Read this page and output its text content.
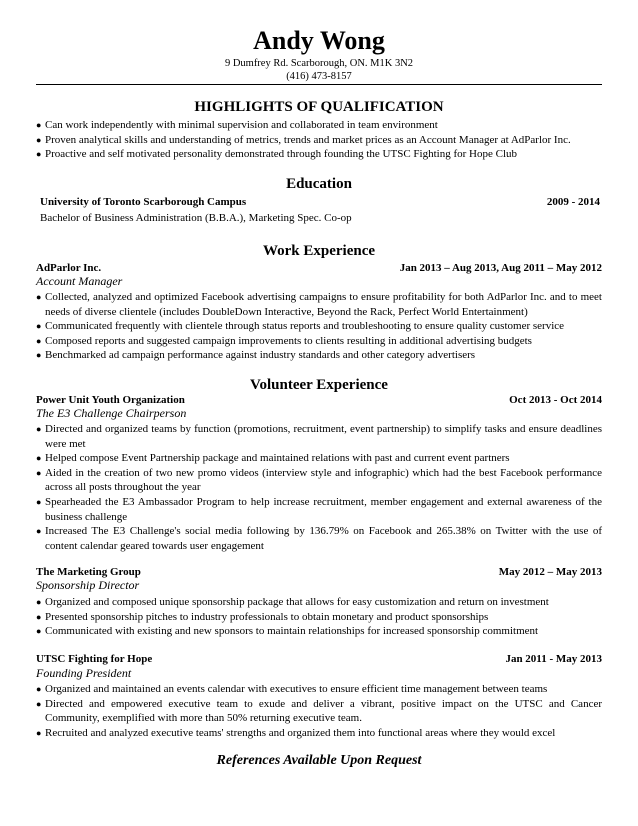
Andy Wong
9 Dumfrey Rd. Scarborough, ON. M1K 3N2
(416) 473-8157
HIGHLIGHTS OF QUALIFICATION
● Can work independently with minimal supervision and collaborated in team environment
● Proven analytical skills and understanding of metrics, trends and market prices as an Account Manager at AdParlor Inc.
● Proactive and self motivated personality demonstrated through founding the UTSC Fighting for Hope Club
Education
University of Toronto Scarborough Campus	2009 - 2014
Bachelor of Business Administration (B.B.A.), Marketing Spec. Co-op
Work Experience
AdParlor Inc.	Jan 2013 – Aug 2013, Aug 2011 – May 2012
Account Manager
● Collected, analyzed and optimized Facebook advertising campaigns to ensure profitability for both AdParlor Inc. and to meet needs of diverse clientele (includes DoubleDown Interactive, Beyond the Rack, Perfect World Entertainment)
● Communicated frequently with clientele through status reports and troubleshooting to ensure quality customer service
● Composed reports and suggested campaign improvements to clients resulting in additional advertising budgets
● Benchmarked ad campaign performance against industry standards and other category advertisers
Volunteer Experience
Power Unit Youth Organization	Oct 2013 - Oct 2014
The E3 Challenge Chairperson
● Directed and organized teams by function (promotions, recruitment, event partnership) to simplify tasks and ensure deadlines were met
● Helped compose Event Partnership package and maintained relations with past and current event partners
● Aided in the creation of two new promo videos (interview style and infographic) which had the best Facebook performance across all posts throughout the year
● Spearheaded the E3 Ambassador Program to help increase recruitment, member engagement and external awareness of the business challenge
● Increased The E3 Challenge's social media following by 136.79% on Facebook and 265.38% on Twitter with the use of content calendar geared towards user engagement
The Marketing Group	May 2012 – May 2013
Sponsorship Director
● Organized and composed unique sponsorship package that allows for easy customization and return on investment
● Presented sponsorship pitches to industry professionals to obtain monetary and product sponsorships
● Communicated with existing and new sponsors to maintain relationships for increased sponsorship commitment
UTSC Fighting for Hope	Jan 2011 - May 2013
Founding President
● Organized and maintained an events calendar with executives to ensure efficient time management between teams
● Directed and empowered executive team to exude and deliver a vibrant, positive impact on the UTSC and Cancer Community, exemplified with more than 50% returning executive team.
● Recruited and analyzed executive teams' strengths and organized them into functional areas where they would excel
References Available Upon Request
